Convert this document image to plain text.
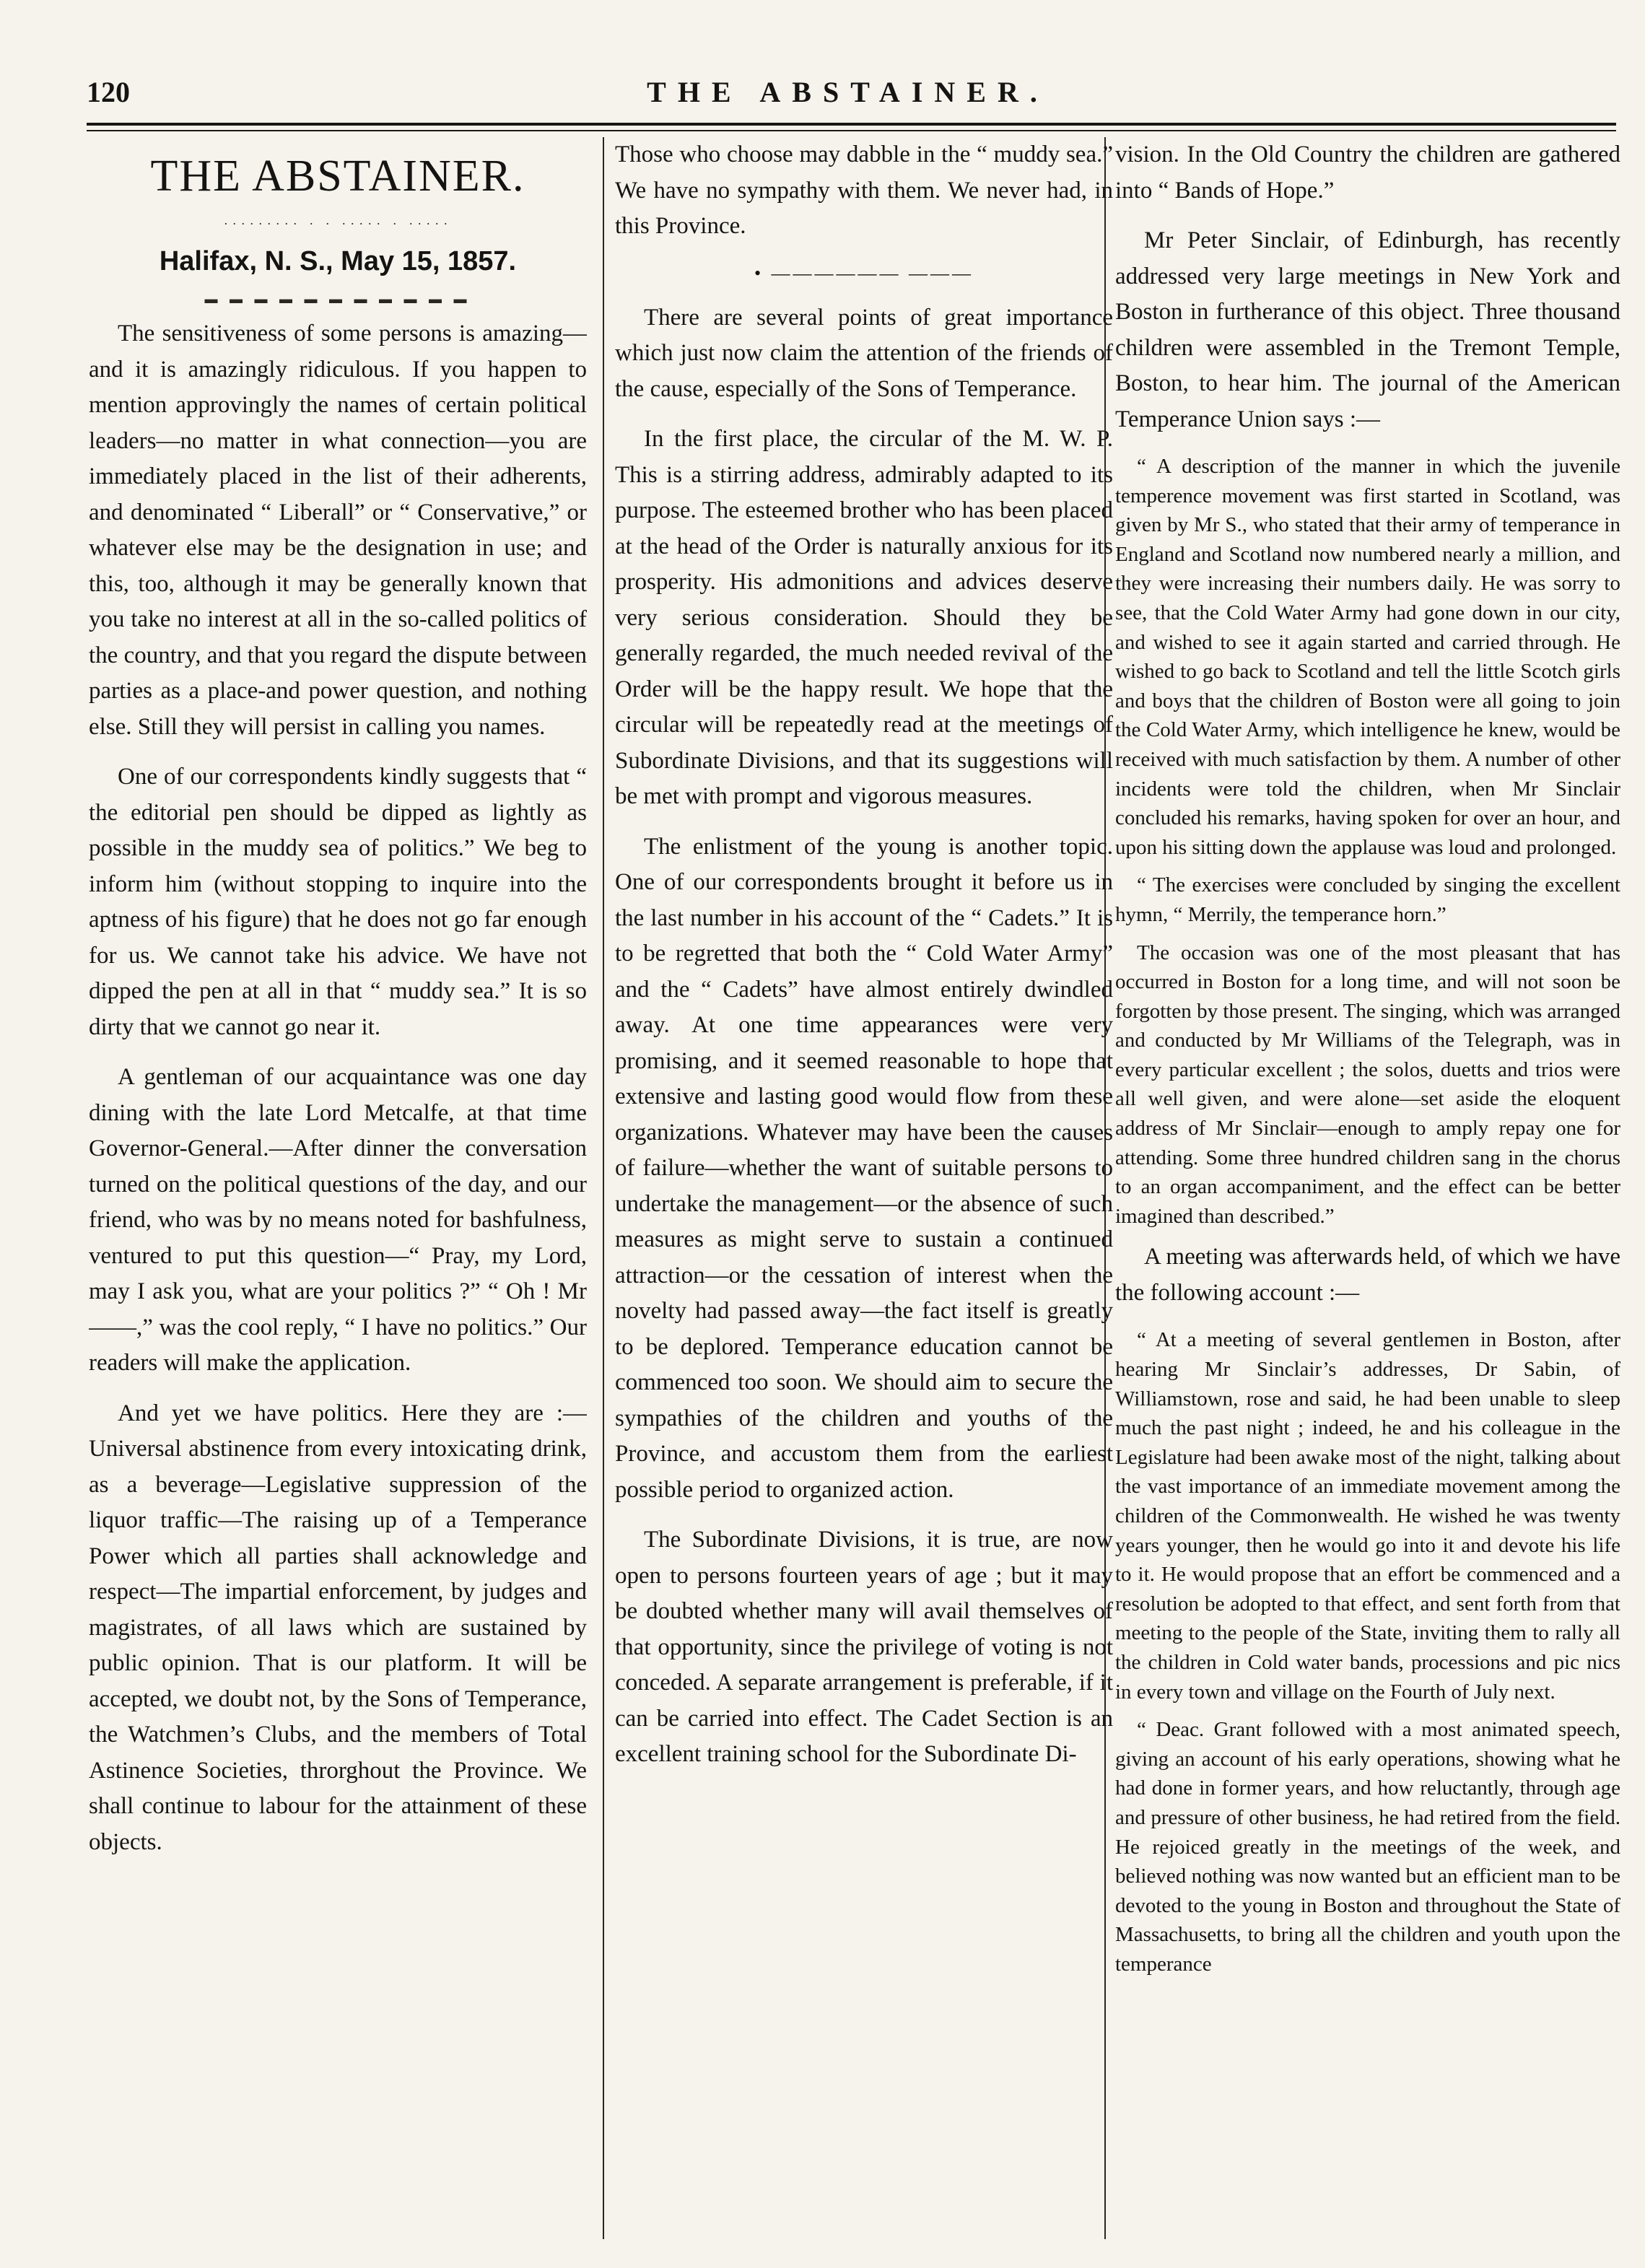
120	THE ABSTAINER.
THE ABSTAINER.
········· · · ····· · ·····
Halifax, N. S., May 15, 1857.
▬ ▬ ▬ ▬ ▬ ▬ ▬ ▬ ▬ ▬ ▬

The sensitiveness of some persons is amazing—and it is amazingly ridiculous. If you happen to mention approvingly the names of certain political leaders—no matter in what connection—you are immediately placed in the list of their adherents, and denominated “ Liberall” or “ Conservative,” or whatever else may be the designation in use; and this, too, although it may be generally known that you take no interest at all in the so-called politics of the country, and that you regard the dispute between parties as a place-and power question, and nothing else. Still they will persist in calling you names.

One of our correspondents kindly suggests that “ the editorial pen should be dipped as lightly as possible in the muddy sea of politics.” We beg to inform him (without stopping to inquire into the aptness of his figure) that he does not go far enough for us. We cannot take his advice. We have not dipped the pen at all in that “ muddy sea.” It is so dirty that we cannot go near it.

A gentleman of our acquaintance was one day dining with the late Lord Metcalfe, at that time Governor-General.—After dinner the conversation turned on the political questions of the day, and our friend, who was by no means noted for bashfulness, ventured to put this question—“ Pray, my Lord, may I ask you, what are your politics ?” “ Oh ! Mr ——,” was the cool reply, “ I have no politics.” Our readers will make the application.

And yet we have politics. Here they are :—Universal abstinence from every intoxicating drink, as a beverage—Legislative suppression of the liquor traffic—The raising up of a Temperance Power which all parties shall acknowledge and respect—The impartial enforcement, by judges and magistrates, of all laws which are sustained by public opinion. That is our platform. It will be accepted, we doubt not, by the Sons of Temperance, the Watchmen’s Clubs, and the members of Total Astinence Societies, throrghout the Province. We shall continue to labour for the attainment of these objects.

Those who choose may dabble in the “ muddy sea.” We have no sympathy with them. We never had, in this Province.

• —————— ———

There are several points of great importance which just now claim the attention of the friends of the cause, especially of the Sons of Temperance.

In the first place, the circular of the M. W. P. This is a stirring address, admirably adapted to its purpose. The esteemed brother who has been placed at the head of the Order is naturally anxious for its prosperity. His admonitions and advices deserve very serious consideration. Should they be generally regarded, the much needed revival of the Order will be the happy result. We hope that the circular will be repeatedly read at the meetings of Subordinate Divisions, and that its suggestions will be met with prompt and vigorous measures.

The enlistment of the young is another topic. One of our correspondents brought it before us in the last number in his account of the “ Cadets.” It is to be regretted that both the “ Cold Water Army” and the “ Cadets” have almost entirely dwindled away. At one time appearances were very promising, and it seemed reasonable to hope that extensive and lasting good would flow from these organizations. Whatever may have been the causes of failure—whether the want of suitable persons to undertake the management—or the absence of such measures as might serve to sustain a continued attraction—or the cessation of interest when the novelty had passed away—the fact itself is greatly to be deplored. Temperance education cannot be commenced too soon. We should aim to secure the sympathies of the children and youths of the Province, and accustom them from the earliest possible period to organized action.

The Subordinate Divisions, it is true, are now open to persons fourteen years of age ; but it may be doubted whether many will avail themselves of that opportunity, since the privilege of voting is not conceded. A separate arrangement is preferable, if it can be carried into effect. The Cadet Section is an excellent training school for the Subordinate Di-

vision. In the Old Country the children are gathered into “ Bands of Hope.”

Mr Peter Sinclair, of Edinburgh, has recently addressed very large meetings in New York and Boston in furtherance of this object. Three thousand children were assembled in the Tremont Temple, Boston, to hear him. The journal of the American Temperance Union says :—

“ A description of the manner in which the juvenile temperence movement was first started in Scotland, was given by Mr S., who stated that their army of temperance in England and Scotland now numbered nearly a million, and they were increasing their numbers daily. He was sorry to see, that the Cold Water Army had gone down in our city, and wished to see it again started and carried through. He wished to go back to Scotland and tell the little Scotch girls and boys that the children of Boston were all going to join the Cold Water Army, which intelligence he knew, would be received with much satisfaction by them. A number of other incidents were told the children, when Mr Sinclair concluded his remarks, having spoken for over an hour, and upon his sitting down the applause was loud and prolonged.

“ The exercises were concluded by singing the excellent hymn, “ Merrily, the temperance horn.”

The occasion was one of the most pleasant that has occurred in Boston for a long time, and will not soon be forgotten by those present. The singing, which was arranged and conducted by Mr Williams of the Telegraph, was in every particular excellent ; the solos, duetts and trios were all well given, and were alone—set aside the eloquent address of Mr Sinclair—enough to amply repay one for attending. Some three hundred children sang in the chorus to an organ accompaniment, and the effect can be better imagined than described.”

A meeting was afterwards held, of which we have the following account :—

“ At a meeting of several gentlemen in Boston, after hearing Mr Sinclair’s addresses, Dr Sabin, of Williamstown, rose and said, he had been unable to sleep much the past night ; indeed, he and his colleague in the Legislature had been awake most of the night, talking about the vast importance of an immediate movement among the children of the Commonwealth. He wished he was twenty years younger, then he would go into it and devote his life to it. He would propose that an effort be commenced and a resolution be adopted to that effect, and sent forth from that meeting to the people of the State, inviting them to rally all the children in Cold water bands, processions and pic nics in every town and village on the Fourth of July next.

“ Deac. Grant followed with a most animated speech, giving an account of his early operations, showing what he had done in former years, and how reluctantly, through age and pressure of other business, he had retired from the field. He rejoiced greatly in the meetings of the week, and believed nothing was now wanted but an efficient man to be devoted to the young in Boston and throughout the State of Massachusetts, to bring all the children and youth upon the temperance
